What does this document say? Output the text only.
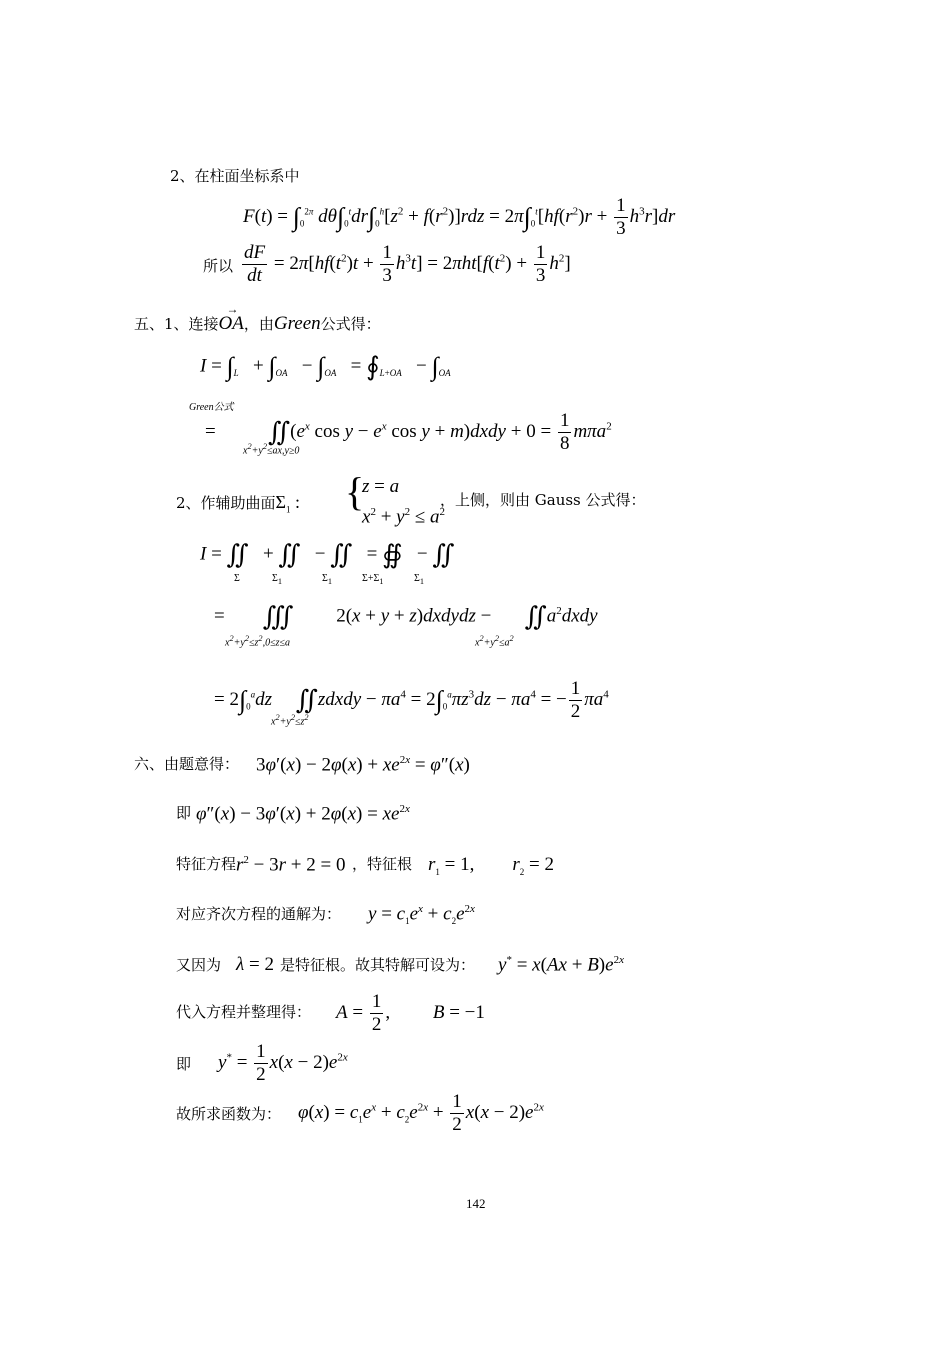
2、在柱面坐标系中
$F(t) = \int_0^{2\pi}$ $d\theta\int_0^tdr\int_0^h[z^2 + f(r^2)]rdz = 2\pi\int_0^t[hf(r^2)r + \frac{1}{3} h^3r]dr$
所以 $\frac{dF}{dt} = 2\pi[hf(t^2)t + \frac{1}{3} h^3t] = 2\pi ht[f(t^2) + \frac{1}{3} h^2]$
五、1、连接
→
OA，由Green公式得：
$I = \int_L + \int_{OA} - \int_{OA}$   = $∮_{L+OA} - \int_{OA}$
Green公式
=           $∬(e^x$ $\cos y - e^x$ cos y + m)dxdy + $0 = \frac{1}{8} m\pi a^2$
$x^2+y^2\le ax,y\ge 0$
2、作辅助曲面$\Sigma_1$ : {
z = a
$x^2 + y^2 \le a^2$
，上侧，则由 Gauss 公式得：
I = ∬   + ∬   − ∬   = ∯   − ∬
Σ	$\Sigma_1$	$\Sigma_1$	$\Sigma+\Sigma_1$	$\Sigma_1$
=        ∭         2(x + y + z)dxdydz −       $∬a^2dxdy$
$x^2+y^2\le z^2,0\le z\le a$	$x^2+y^2\le a^2$
= $2\int_0^adz$ ∬zdxdy − $\pi a^4 = 2\int_0^a\pi z^3dz - \pi a^4$ = − $\frac{1}{2} \pi a^4$
$x^2+y^2\le z^2$
六、由题意得： $3\varphi'(x) - 2\varphi(x) + xe^{2x} = \varphi''(x)$
即 $\varphi''(x) - 3\varphi'(x) + 2\varphi(x) = xe^{2x}$
特征方程 $r^2 - 3r + 2 = 0$ ，特征根 $r_1 = 1$,        $r_2 = 2$
对应齐次方程的通解为： $y = c_1e^x + c_2e^{2x}$
又因为 λ = 2 是特征根。故其特解可设为： $y^* = x(Ax + B)e^{2x}$
代入方程并整理得： $A = \frac{1}{2}$ ,         B = −1
即 $y^* = \frac{1}{2} x(x - 2)e^{2x}$
故所求函数为： $\varphi(x) = c_1e^x + c_2e^{2x} + \frac{1}{2} x(x - 2)e^{2x}$
142
